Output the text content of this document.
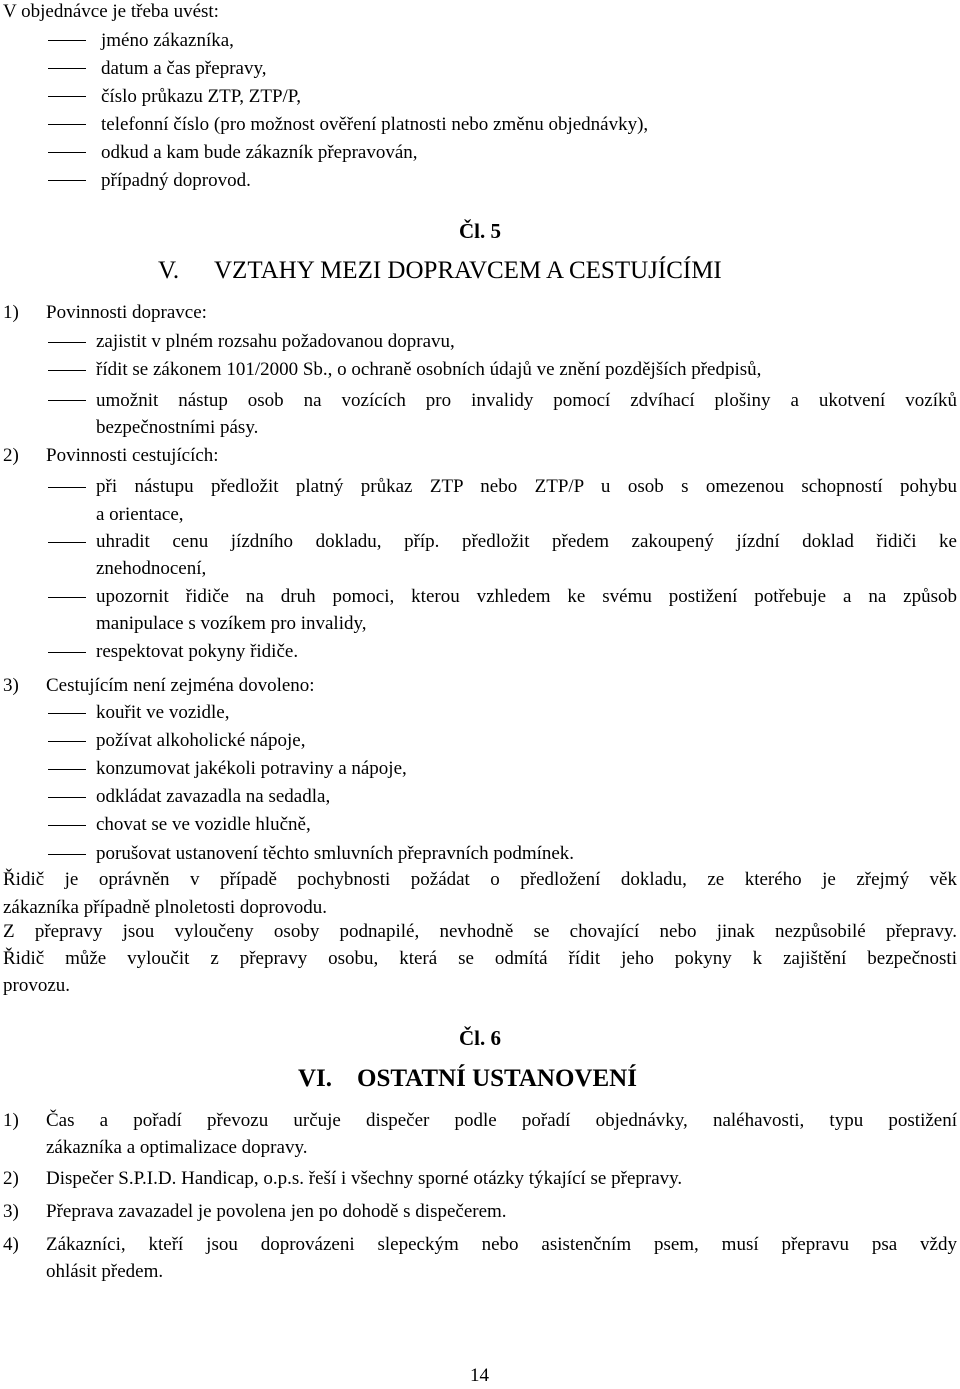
V objednávce je třeba uvést:
jméno zákazníka,
datum a čas přepravy,
číslo průkazu ZTP, ZTP/P,
telefonní číslo (pro možnost ověření platnosti nebo změnu objednávky),
odkud a kam bude zákazník přepravován,
případný doprovod.
Čl. 5
V. VZTAHY MEZI DOPRAVCEM A CESTUJÍCÍMI
1) Povinnosti dopravce:
zajistit v plném rozsahu požadovanou dopravu,
řídit se zákonem 101/2000 Sb., o ochraně osobních údajů ve znění pozdějších předpisů,
umožnit nástup osob na vozících pro invalidy pomocí zdvíhací plošiny a ukotvení vozíků
bezpečnostními pásy.
2) Povinnosti cestujících:
při nástupu předložit platný průkaz ZTP nebo ZTP/P u osob s omezenou schopností pohybu
a orientace,
uhradit cenu jízdního dokladu, příp. předložit předem zakoupený jízdní doklad řidiči ke
znehodnocení,
upozornit řidiče na druh pomoci, kterou vzhledem ke svému postižení potřebuje a na způsob
manipulace s vozíkem pro invalidy,
respektovat pokyny řidiče.
3) Cestujícím není zejména dovoleno:
kouřit ve vozidle,
požívat alkoholické nápoje,
konzumovat jakékoli potraviny a nápoje,
odkládat zavazadla na sedadla,
chovat se ve vozidle hlučně,
porušovat ustanovení těchto smluvních přepravních podmínek.
Řidič je oprávněn v případě pochybnosti požádat o předložení dokladu, ze kterého je zřejmý věk
zákazníka případně plnoletosti doprovodu.
Z přepravy jsou vyloučeny osoby podnapilé, nevhodně se chovající nebo jinak nezpůsobilé přepravy.
Řidič může vyloučit z přepravy osobu, která se odmítá řídit jeho pokyny k zajištění bezpečnosti
provozu.
Čl. 6
VI. OSTATNÍ USTANOVENÍ
1) Čas a pořadí převozu určuje dispečer podle pořadí objednávky, naléhavosti, typu postižení
zákazníka a optimalizace dopravy.
2) Dispečer S.P.I.D. Handicap, o.p.s. řeší i všechny sporné otázky týkající se přepravy.
3) Přeprava zavazadel je povolena jen po dohodě s dispečerem.
4) Zákazníci, kteří jsou doprovázeni slepeckým nebo asistenčním psem, musí přepravu psa vždy
ohlásit předem.
14
